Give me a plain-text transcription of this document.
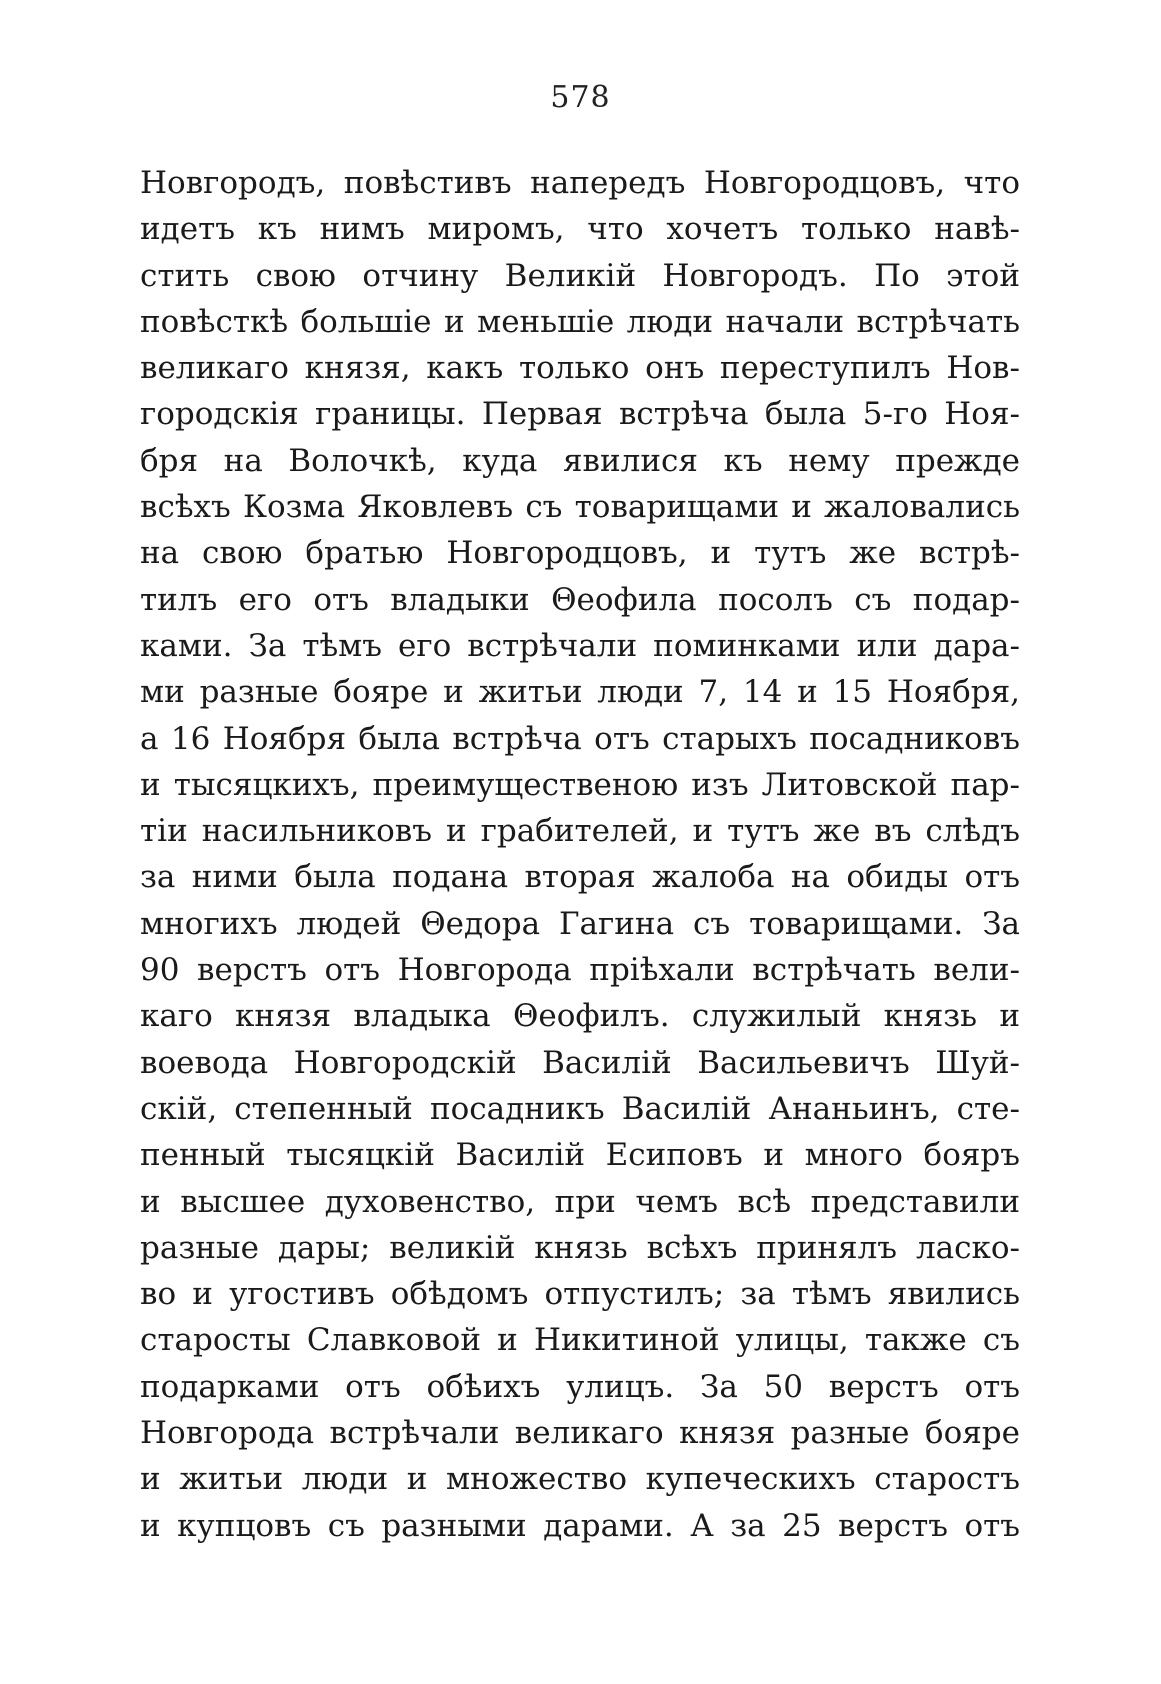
578
Новгородъ, повѣстивъ напередъ Новгородцовъ, что
идетъ къ нимъ миромъ, что хочетъ только навѣ-
стить свою отчину Великій Новгородъ. По этой
повѣсткѣ большіе и меньшіе люди начали встрѣчать
великаго князя, какъ только онъ переступилъ Нов-
городскія границы. Первая встрѣча была 5-го Ноя-
бря на Волочкѣ, куда явилися къ нему прежде
всѣхъ Козма Яковлевъ съ товарищами и жаловались
на свою братью Новгородцовъ, и тутъ же встрѣ-
тилъ его отъ владыки Θеофила посолъ съ подар-
ками. За тѣмъ его встрѣчали поминками или дара-
ми разные бояре и житьи люди 7, 14 и 15 Ноября,
а 16 Ноября была встрѣча отъ старыхъ посадниковъ
и тысяцкихъ, преимущественою изъ Литовской пар-
тіи насильниковъ и грабителей, и тутъ же въ слѣдъ
за ними была подана вторая жалоба на обиды отъ
многихъ людей Θедора Гагина съ товарищами. За
90 верстъ отъ Новгорода пріѣхали встрѣчать вели-
каго князя владыка Θеофилъ. служилый князь и
воевода Новгородскій Василій Васильевичъ Шуй-
скій, степенный посадникъ Василій Ананьинъ, сте-
пенный тысяцкій Василій Есиповъ и много бояръ
и высшее духовенство, при чемъ всѣ представили
разные дары; великій князь всѣхъ принялъ ласко-
во и угостивъ обѣдомъ отпустилъ; за тѣмъ явились
старосты Славковой и Никитиной улицы, также съ
подарками отъ обѣихъ улицъ. За 50 верстъ отъ
Новгорода встрѣчали великаго князя разные бояре
и житьи люди и множество купеческихъ старостъ
и купцовъ съ разными дарами. А за 25 верстъ отъ
